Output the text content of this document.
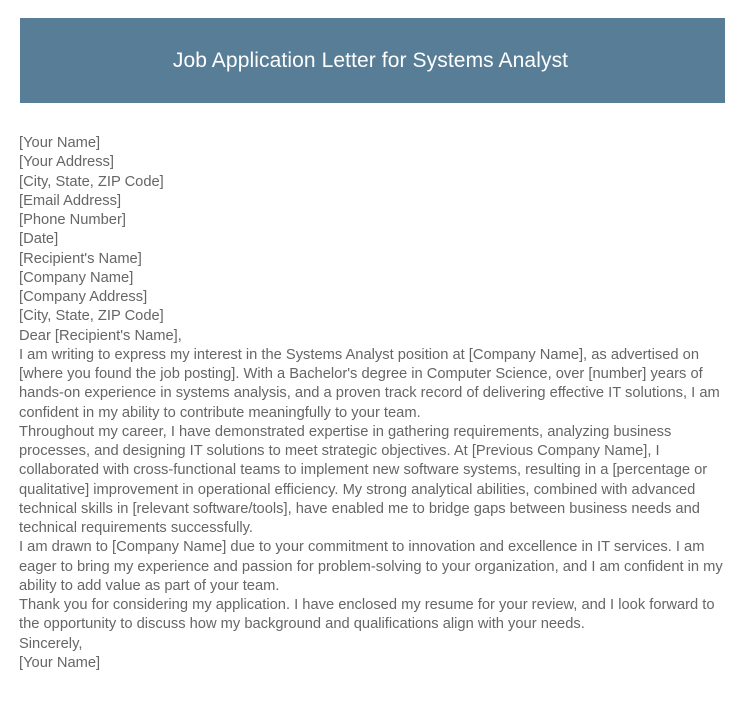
Job Application Letter for Systems Analyst
[Your Name]
[Your Address]
[City, State, ZIP Code]
[Email Address]
[Phone Number]
[Date]
[Recipient's Name]
[Company Name]
[Company Address]
[City, State, ZIP Code]
Dear [Recipient's Name],
I am writing to express my interest in the Systems Analyst position at [Company Name], as advertised on [where you found the job posting]. With a Bachelor's degree in Computer Science, over [number] years of hands-on experience in systems analysis, and a proven track record of delivering effective IT solutions, I am confident in my ability to contribute meaningfully to your team.
Throughout my career, I have demonstrated expertise in gathering requirements, analyzing business processes, and designing IT solutions to meet strategic objectives. At [Previous Company Name], I collaborated with cross-functional teams to implement new software systems, resulting in a [percentage or qualitative] improvement in operational efficiency. My strong analytical abilities, combined with advanced technical skills in [relevant software/tools], have enabled me to bridge gaps between business needs and technical requirements successfully.
I am drawn to [Company Name] due to your commitment to innovation and excellence in IT services. I am eager to bring my experience and passion for problem-solving to your organization, and I am confident in my ability to add value as part of your team.
Thank you for considering my application. I have enclosed my resume for your review, and I look forward to the opportunity to discuss how my background and qualifications align with your needs.
Sincerely,
[Your Name]
